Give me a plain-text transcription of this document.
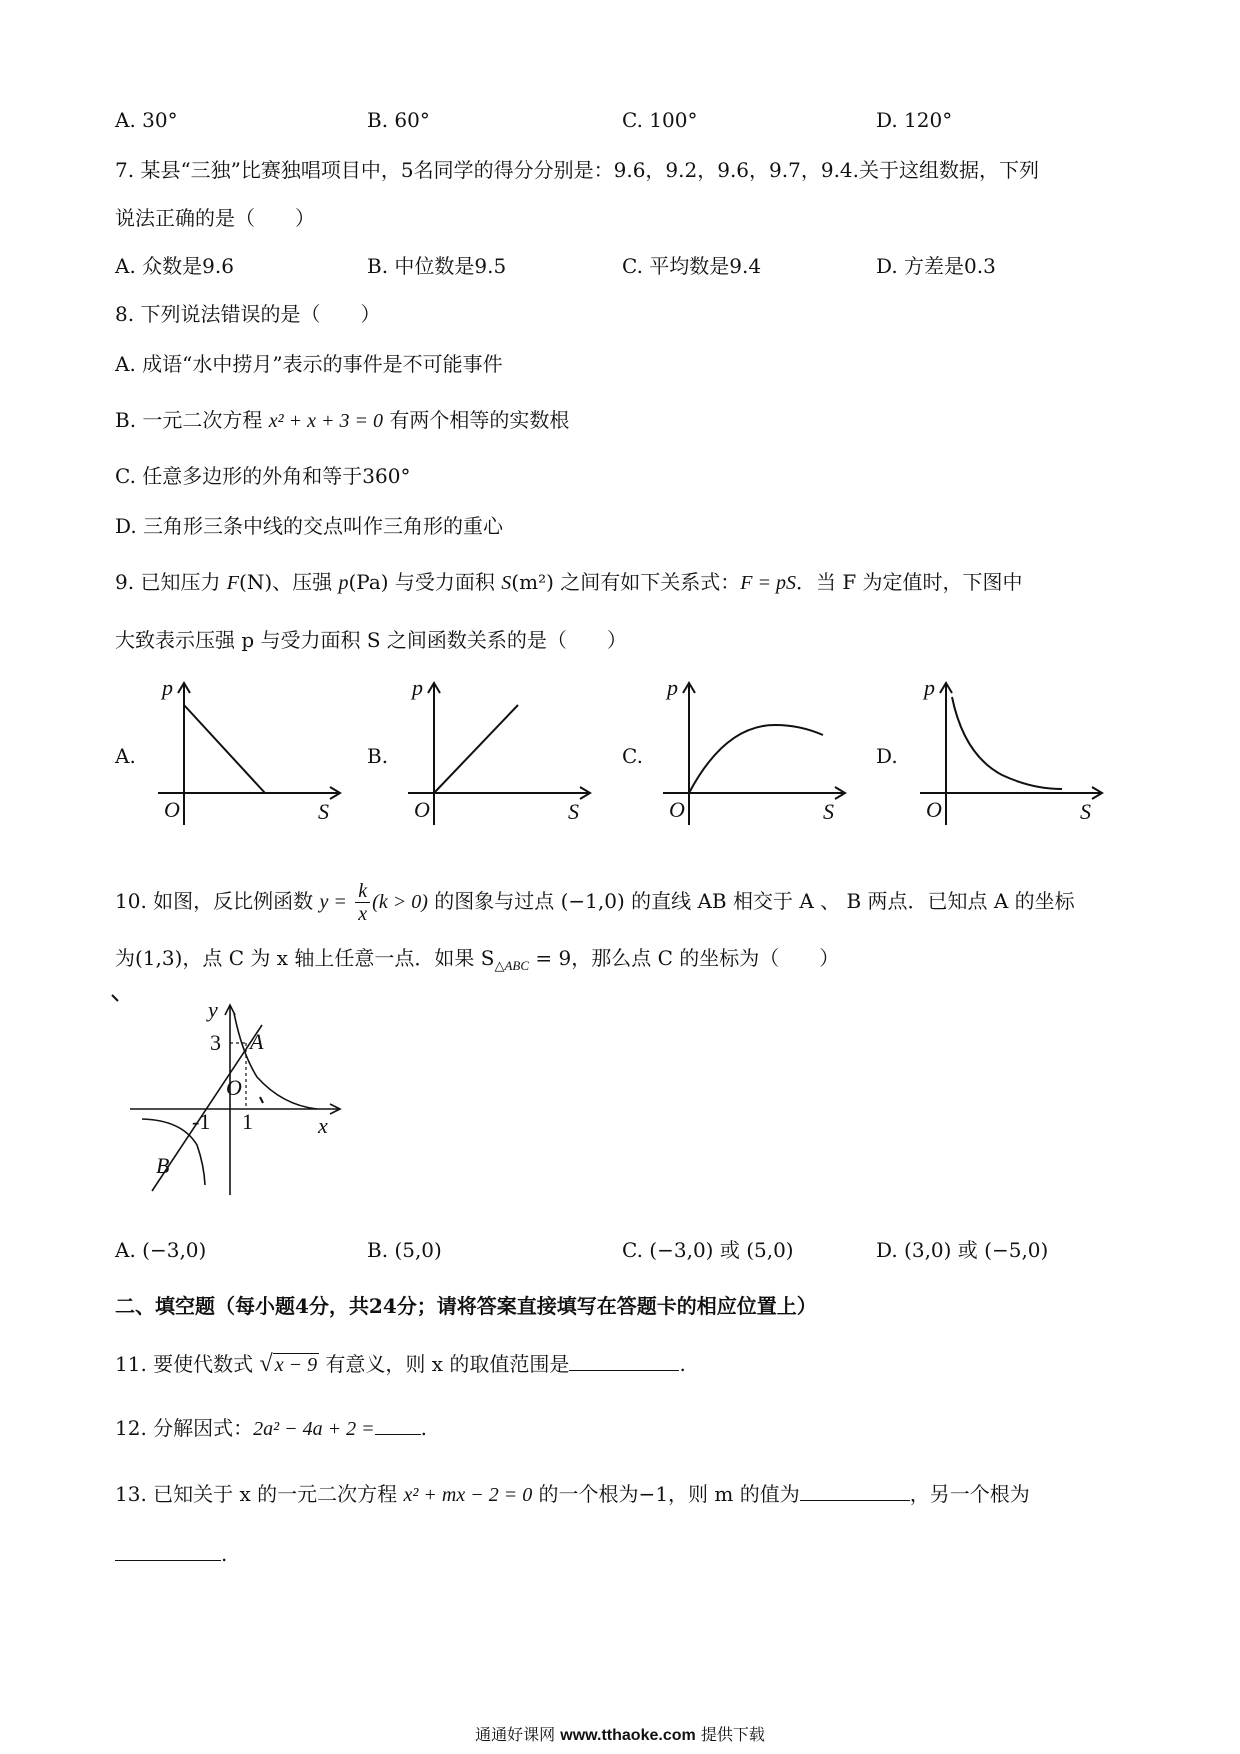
A. 30°	B. 60°	C. 100°	D. 120°
7. 某县“三独”比赛独唱项目中，5名同学的得分分别是：9.6，9.2，9.6，9.7，9.4.关于这组数据，下列
说法正确的是（　　）
A. 众数是9.6	B. 中位数是9.5	C. 平均数是9.4	D. 方差是0.3
8. 下列说法错误的是（　　）
A. 成语“水中捞月”表示的事件是不可能事件
B. 一元二次方程 x² + x + 3 = 0 有两个相等的实数根
C. 任意多边形的外角和等于360°
D. 三角形三条中线的交点叫作三角形的重心
9. 已知压力 F(N)、压强 p(Pa) 与受力面积 S(m²) 之间有如下关系式：F = pS．当 F 为定值时，下图中
大致表示压强 p 与受力面积 S 之间函数关系的是（　　）
A.
p
O	S
B.
p
O	S
C.
p
O	S
D.
p
O	S
10. 如图，反比例函数 $y = \frac{k}{x} (k > 0)$ 的图象与过点 (−1,0) 的直线 AB 相交于 A 、 B 两点．已知点 A 的坐标
为(1,3)，点 C 为 x 轴上任意一点．如果 $S_{\triangle ABC} = 9$，那么点 C 的坐标为（　　）
y
x
A
B
O
3
-1 1
A. (−3,0)	B. (5,0)	C. (−3,0) 或 (5,0)	D. (3,0) 或 (−5,0)
二、填空题（每小题4分，共24分；请将答案直接填写在答题卡的相应位置上）
11. 要使代数式 √ x − 9 有意义，则 x 的取值范围是	.
12. 分解因式：2a² − 4a + 2 = .
13. 已知关于 x 的一元二次方程 x² + mx − 2 = 0 的一个根为−1，则 m 的值为	，另一个根为
.
通通好课网 www.tthaoke.com 提供下载
